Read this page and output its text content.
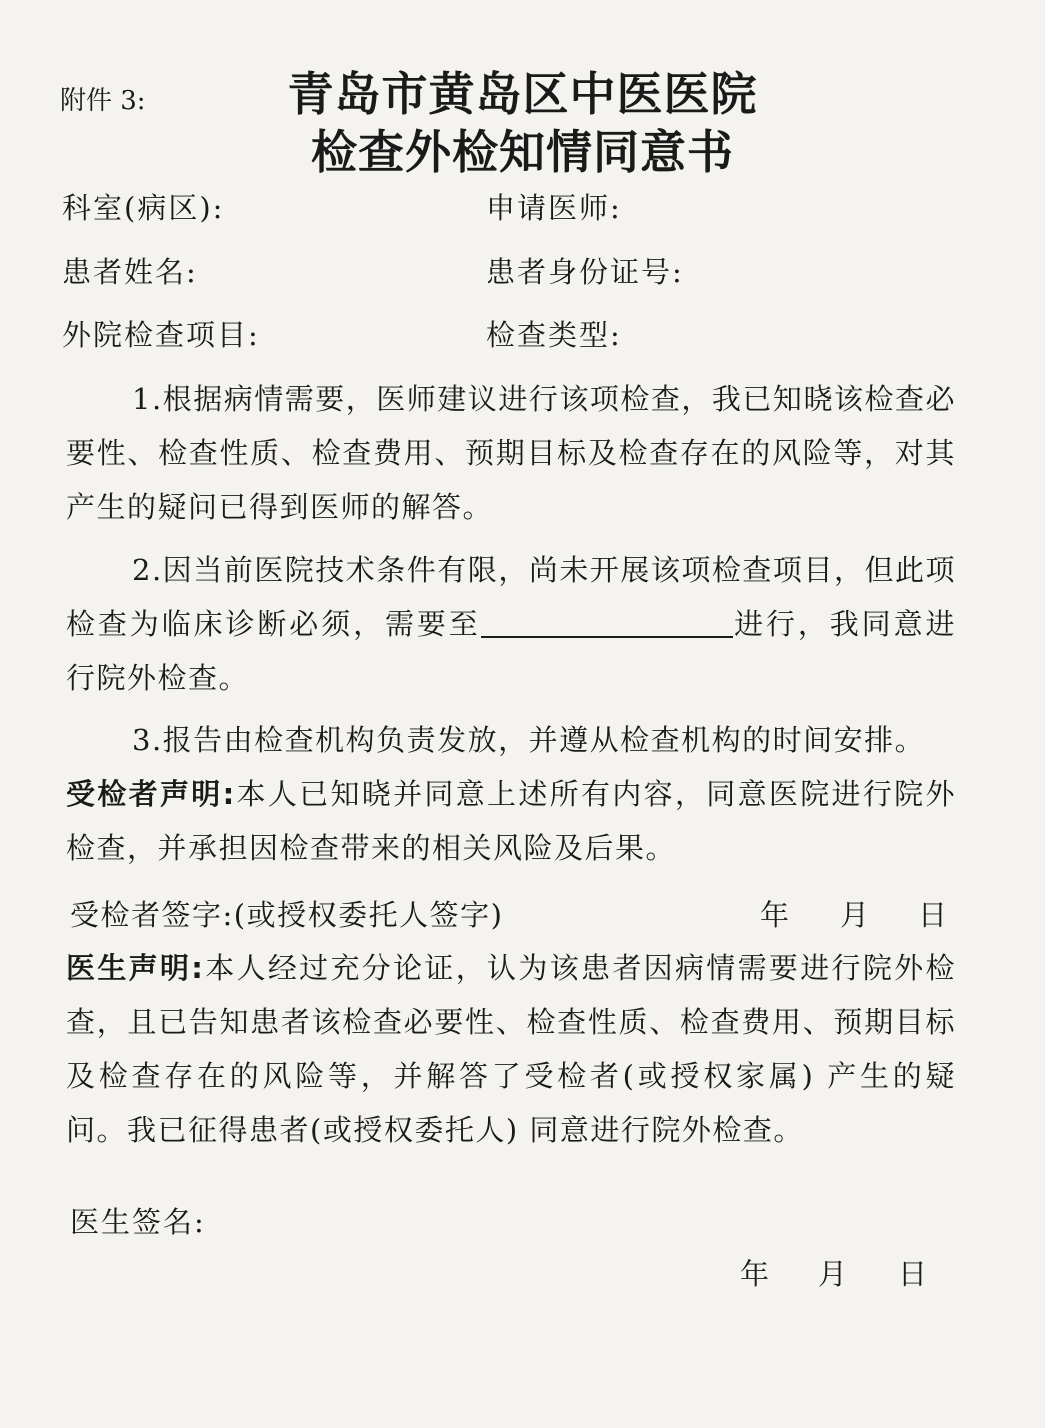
附件 3:	青岛市黄岛区中医医院
检查外检知情同意书
科室(病区):	申请医师:
患者姓名:	患者身份证号:
外院检查项目:	检查类型:

1.根据病情需要，医师建议进行该项检查，我已知晓该检查必要性、检查性质、检查费用、预期目标及检查存在的风险等，对其产生的疑问已得到医师的解答。

2.因当前医院技术条件有限，尚未开展该项检查项目，但此项检查为临床诊断必须，需要至	进行，我同意进行院外检查。

3.报告由检查机构负责发放，并遵从检查机构的时间安排。

受检者声明:本人已知晓并同意上述所有内容，同意医院进行院外检查，并承担因检查带来的相关风险及后果。

受检者签字:(或授权委托人签字)	年 月 日

医生声明:本人经过充分论证，认为该患者因病情需要进行院外检查，且已告知患者该检查必要性、检查性质、检查费用、预期目标及检查存在的风险等，并解答了受检者(或授权家属) 产生的疑问。我已征得患者(或授权委托人) 同意进行院外检查。

医生签名:
年 月 日
